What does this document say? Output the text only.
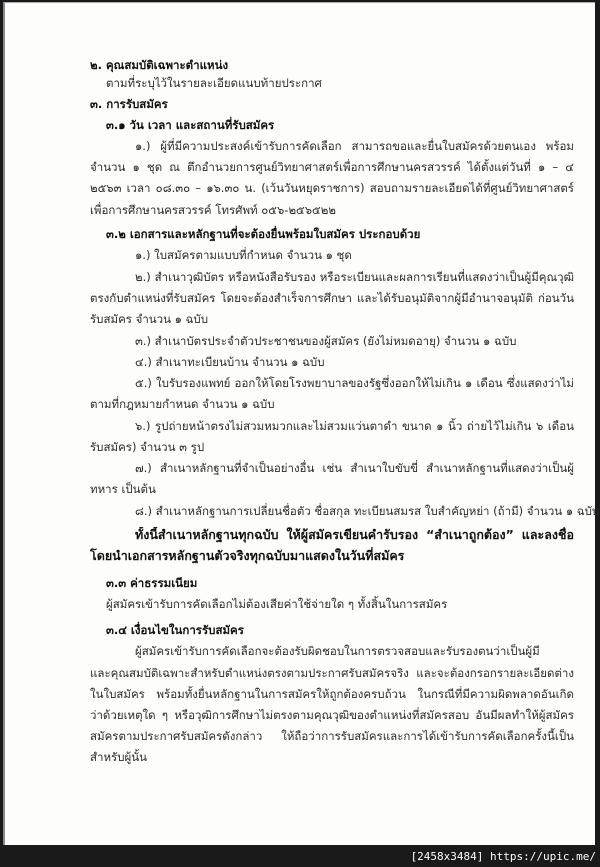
๒. คุณสมบัติเฉพาะตำแหน่ง
ตามที่ระบุไว้ในรายละเอียดแนบท้ายประกาศ
๓. การรับสมัคร
๓.๑ วัน เวลา และสถานที่รับสมัคร
๑.) ผู้ที่มีความประสงค์เข้ารับการคัดเลือก สามารถขอและยื่นใบสมัครด้วยตนเอง พร้อม
จำนวน ๑ ชุด ณ ตึกอำนวยการศูนย์วิทยาศาสตร์เพื่อการศึกษานครสวรรค์ ได้ตั้งแต่วันที่ ๑ – ๔
๒๕๖๓ เวลา ๐๘.๓๐ – ๑๖.๓๐ น. (เว้นวันหยุดราชการ) สอบถามรายละเอียดได้ที่ศูนย์วิทยาศาสตร์
เพื่อการศึกษานครสวรรค์ โทรศัพท์ ๐๕๖-๒๕๖๕๒๒
๓.๒ เอกสารและหลักฐานที่จะต้องยื่นพร้อมใบสมัคร ประกอบด้วย
๑.) ใบสมัครตามแบบที่กำหนด จำนวน ๑ ชุด
๒.) สำเนาวุฒิบัตร หรือหนังสือรับรอง หรือระเบียนและผลการเรียนที่แสดงว่าเป็นผู้มีคุณวุฒิ
ตรงกับตำแหน่งที่รับสมัคร โดยจะต้องสำเร็จการศึกษา และได้รับอนุมัติจากผู้มีอำนาจอนุมัติ ก่อนวัน
รับสมัคร จำนวน ๑ ฉบับ
๓.) สำเนาบัตรประจำตัวประชาชนของผู้สมัคร (ยังไม่หมดอายุ) จำนวน ๑ ฉบับ
๔.) สำเนาทะเบียนบ้าน จำนวน ๑ ฉบับ
๕.) ใบรับรองแพทย์ ออกให้โดยโรงพยาบาลของรัฐซึ่งออกให้ไม่เกิน ๑ เดือน ซึ่งแสดงว่าไม่
ตามที่กฎหมายกำหนด จำนวน ๑ ฉบับ
๖.) รูปถ่ายหน้าตรงไม่สวมหมวกและไม่สวมแว่นตาดำ ขนาด ๑ นิ้ว ถ่ายไว้ไม่เกิน ๖ เดือน
รับสมัคร) จำนวน ๓ รูป
๗.) สำเนาหลักฐานที่จำเป็นอย่างอื่น เช่น สำเนาใบขับขี่ สำเนาหลักฐานที่แสดงว่าเป็นผู้
ทหาร เป็นต้น
๘.) สำเนาหลักฐานการเปลี่ยนชื่อตัว ชื่อสกุล ทะเบียนสมรส ใบสำคัญหย่า (ถ้ามี) จำนวน ๑ ฉบับ
ทั้งนี้สำเนาหลักฐานทุกฉบับ ให้ผู้สมัครเขียนคำรับรอง “สำเนาถูกต้อง” และลงชื่อ
โดยนำเอกสารหลักฐานตัวจริงทุกฉบับมาแสดงในวันที่สมัคร
๓.๓ ค่าธรรมเนียม
ผู้สมัครเข้ารับการคัดเลือกไม่ต้องเสียค่าใช้จ่ายใด ๆ ทั้งสิ้นในการสมัคร
๓.๔ เงื่อนไขในการรับสมัคร
ผู้สมัครเข้ารับการคัดเลือกจะต้องรับผิดชอบในการตรวจสอบและรับรองตนว่าเป็นผู้มี
และคุณสมบัติเฉพาะสำหรับตำแหน่งตรงตามประกาศรับสมัครจริง และจะต้องกรอกรายละเอียดต่าง
ในใบสมัคร พร้อมทั้งยื่นหลักฐานในการสมัครให้ถูกต้องครบถ้วน ในกรณีที่มีความผิดพลาดอันเกิด
ว่าด้วยเหตุใด ๆ หรือวุฒิการศึกษาไม่ตรงตามคุณวุฒิของตำแหน่งที่สมัครสอบ อันมีผลทำให้ผู้สมัคร
สมัครตามประกาศรับสมัครดังกล่าว ให้ถือว่าการรับสมัครและการได้เข้ารับการคัดเลือกครั้งนี้เป็น
สำหรับผู้นั้น
[2458x3484] https://upic.me/
